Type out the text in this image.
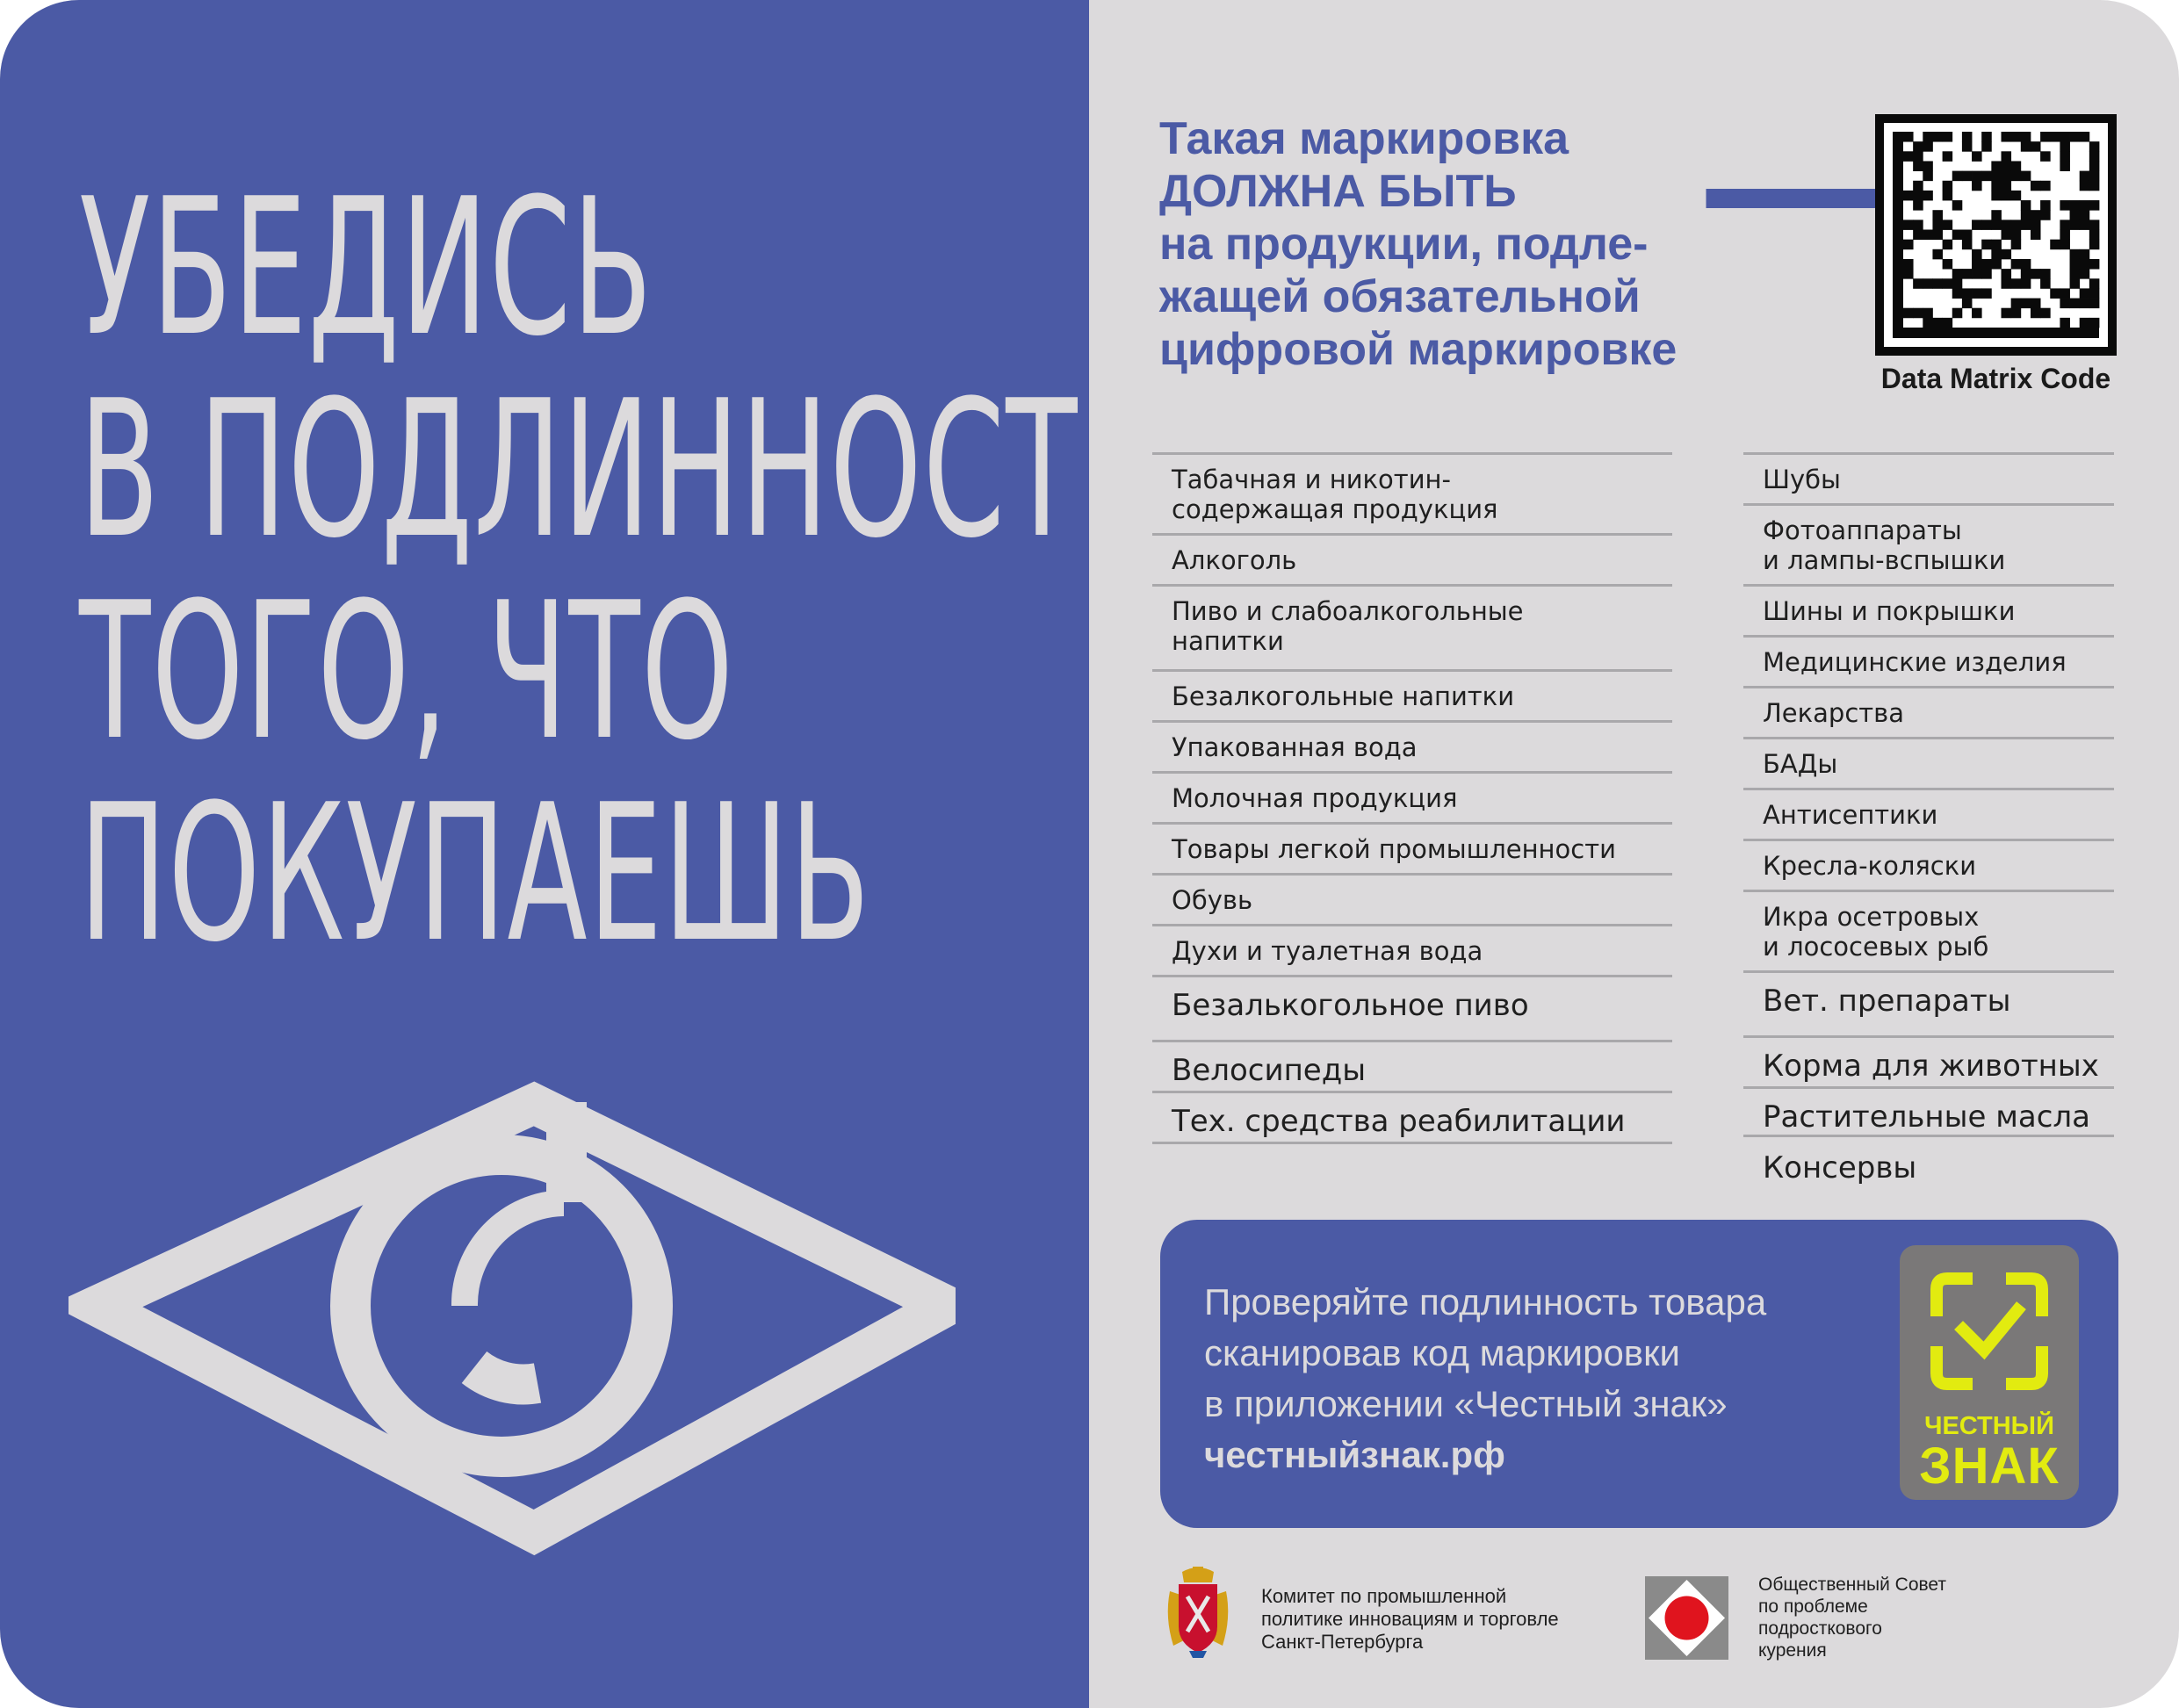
УБЕДИСЬ
В ПОДЛИННОСТИ
ТОГО, ЧТО
ПОКУПАЕШЬ
Такая маркировка
ДОЛЖНА БЫТЬ
на продукции, подле-
жащей обязательной
цифровой маркировке
Data Matrix Code
Табачная и никотин-
содержащая продукция
Алкоголь
Пиво и слабоалкогольные
напитки
Безалкогольные напитки
Упакованная вода
Молочная продукция
Товары легкой промышленности
Обувь
Духи и туалетная вода
Безалькогольное пиво
Велосипеды
Тех. средства реабилитации
Шубы
Фотоаппараты
и лампы-вспышки
Шины и покрышки
Медицинские изделия
Лекарства
БАДы
Антисептики
Кресла-коляски
Икра осетровых
и лососевых рыб
Вет. препараты
Корма для животных
Растительные масла
Консервы
Проверяйте подлинность товара
сканировав код маркировки
в приложении «Честный знак»
честныйзнак.рф
ЧЕСТНЫЙ
ЗНАК
Комитет по промышленной
политике инновациям и торговле
Санкт-Петербурга
Общественный Совет
по проблеме
подросткового
курения
